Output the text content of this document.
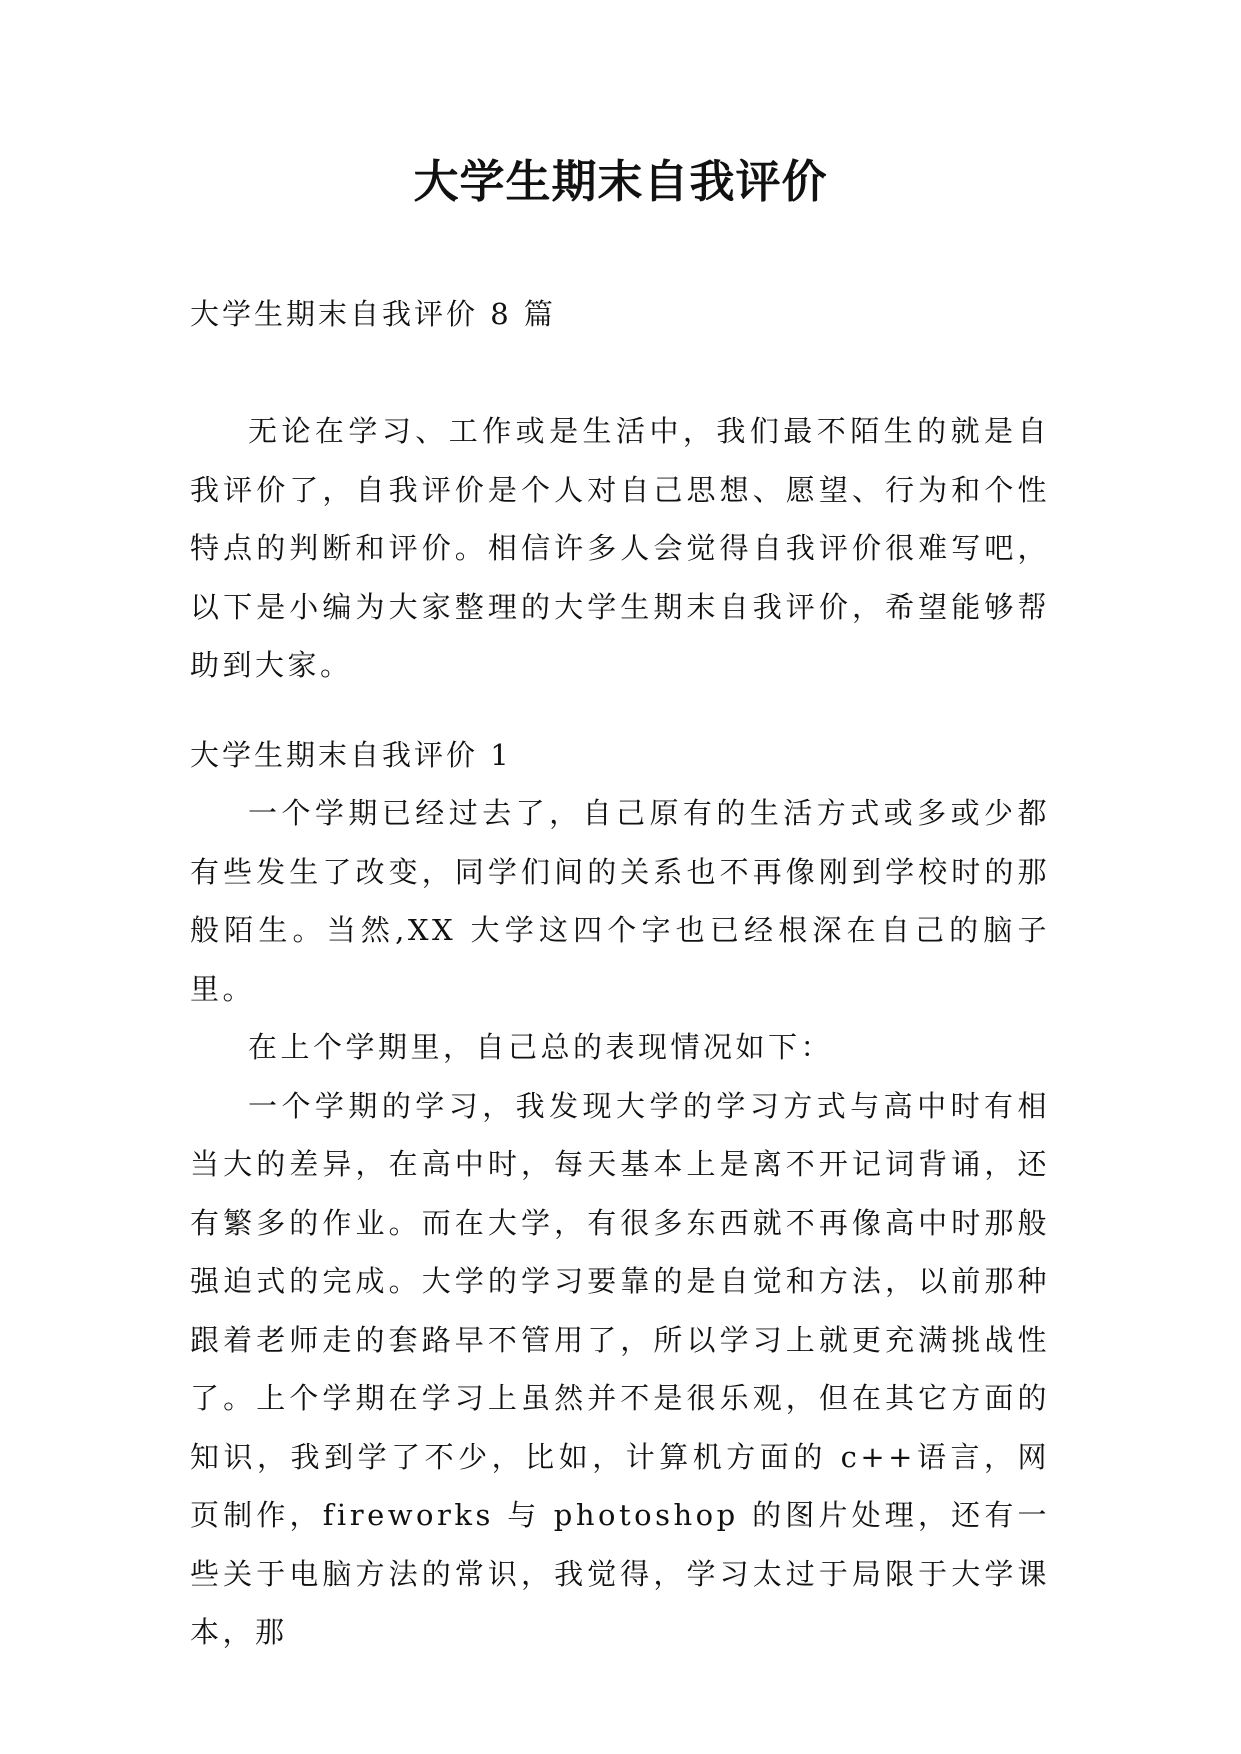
大学生期末自我评价
大学生期末自我评价 8 篇

无论在学习、工作或是生活中，我们最不陌生的就是自我评价了，自我评价是个人对自己思想、愿望、行为和个性特点的判断和评价。相信许多人会觉得自我评价很难写吧，以下是小编为大家整理的大学生期末自我评价，希望能够帮助到大家。

大学生期末自我评价 1

一个学期已经过去了，自己原有的生活方式或多或少都有些发生了改变，同学们间的关系也不再像刚到学校时的那般陌生。当然,XX 大学这四个字也已经根深在自己的脑子里。

在上个学期里，自己总的表现情况如下：

一个学期的学习，我发现大学的学习方式与高中时有相当大的差异，在高中时，每天基本上是离不开记词背诵，还有繁多的作业。而在大学，有很多东西就不再像高中时那般强迫式的完成。大学的学习要靠的是自觉和方法，以前那种跟着老师走的套路早不管用了，所以学习上就更充满挑战性了。上个学期在学习上虽然并不是很乐观，但在其它方面的知识，我到学了不少，比如，计算机方面的 c++语言，网页制作，fireworks 与 photoshop 的图片处理，还有一些关于电脑方法的常识，我觉得，学习太过于局限于大学课本，那
